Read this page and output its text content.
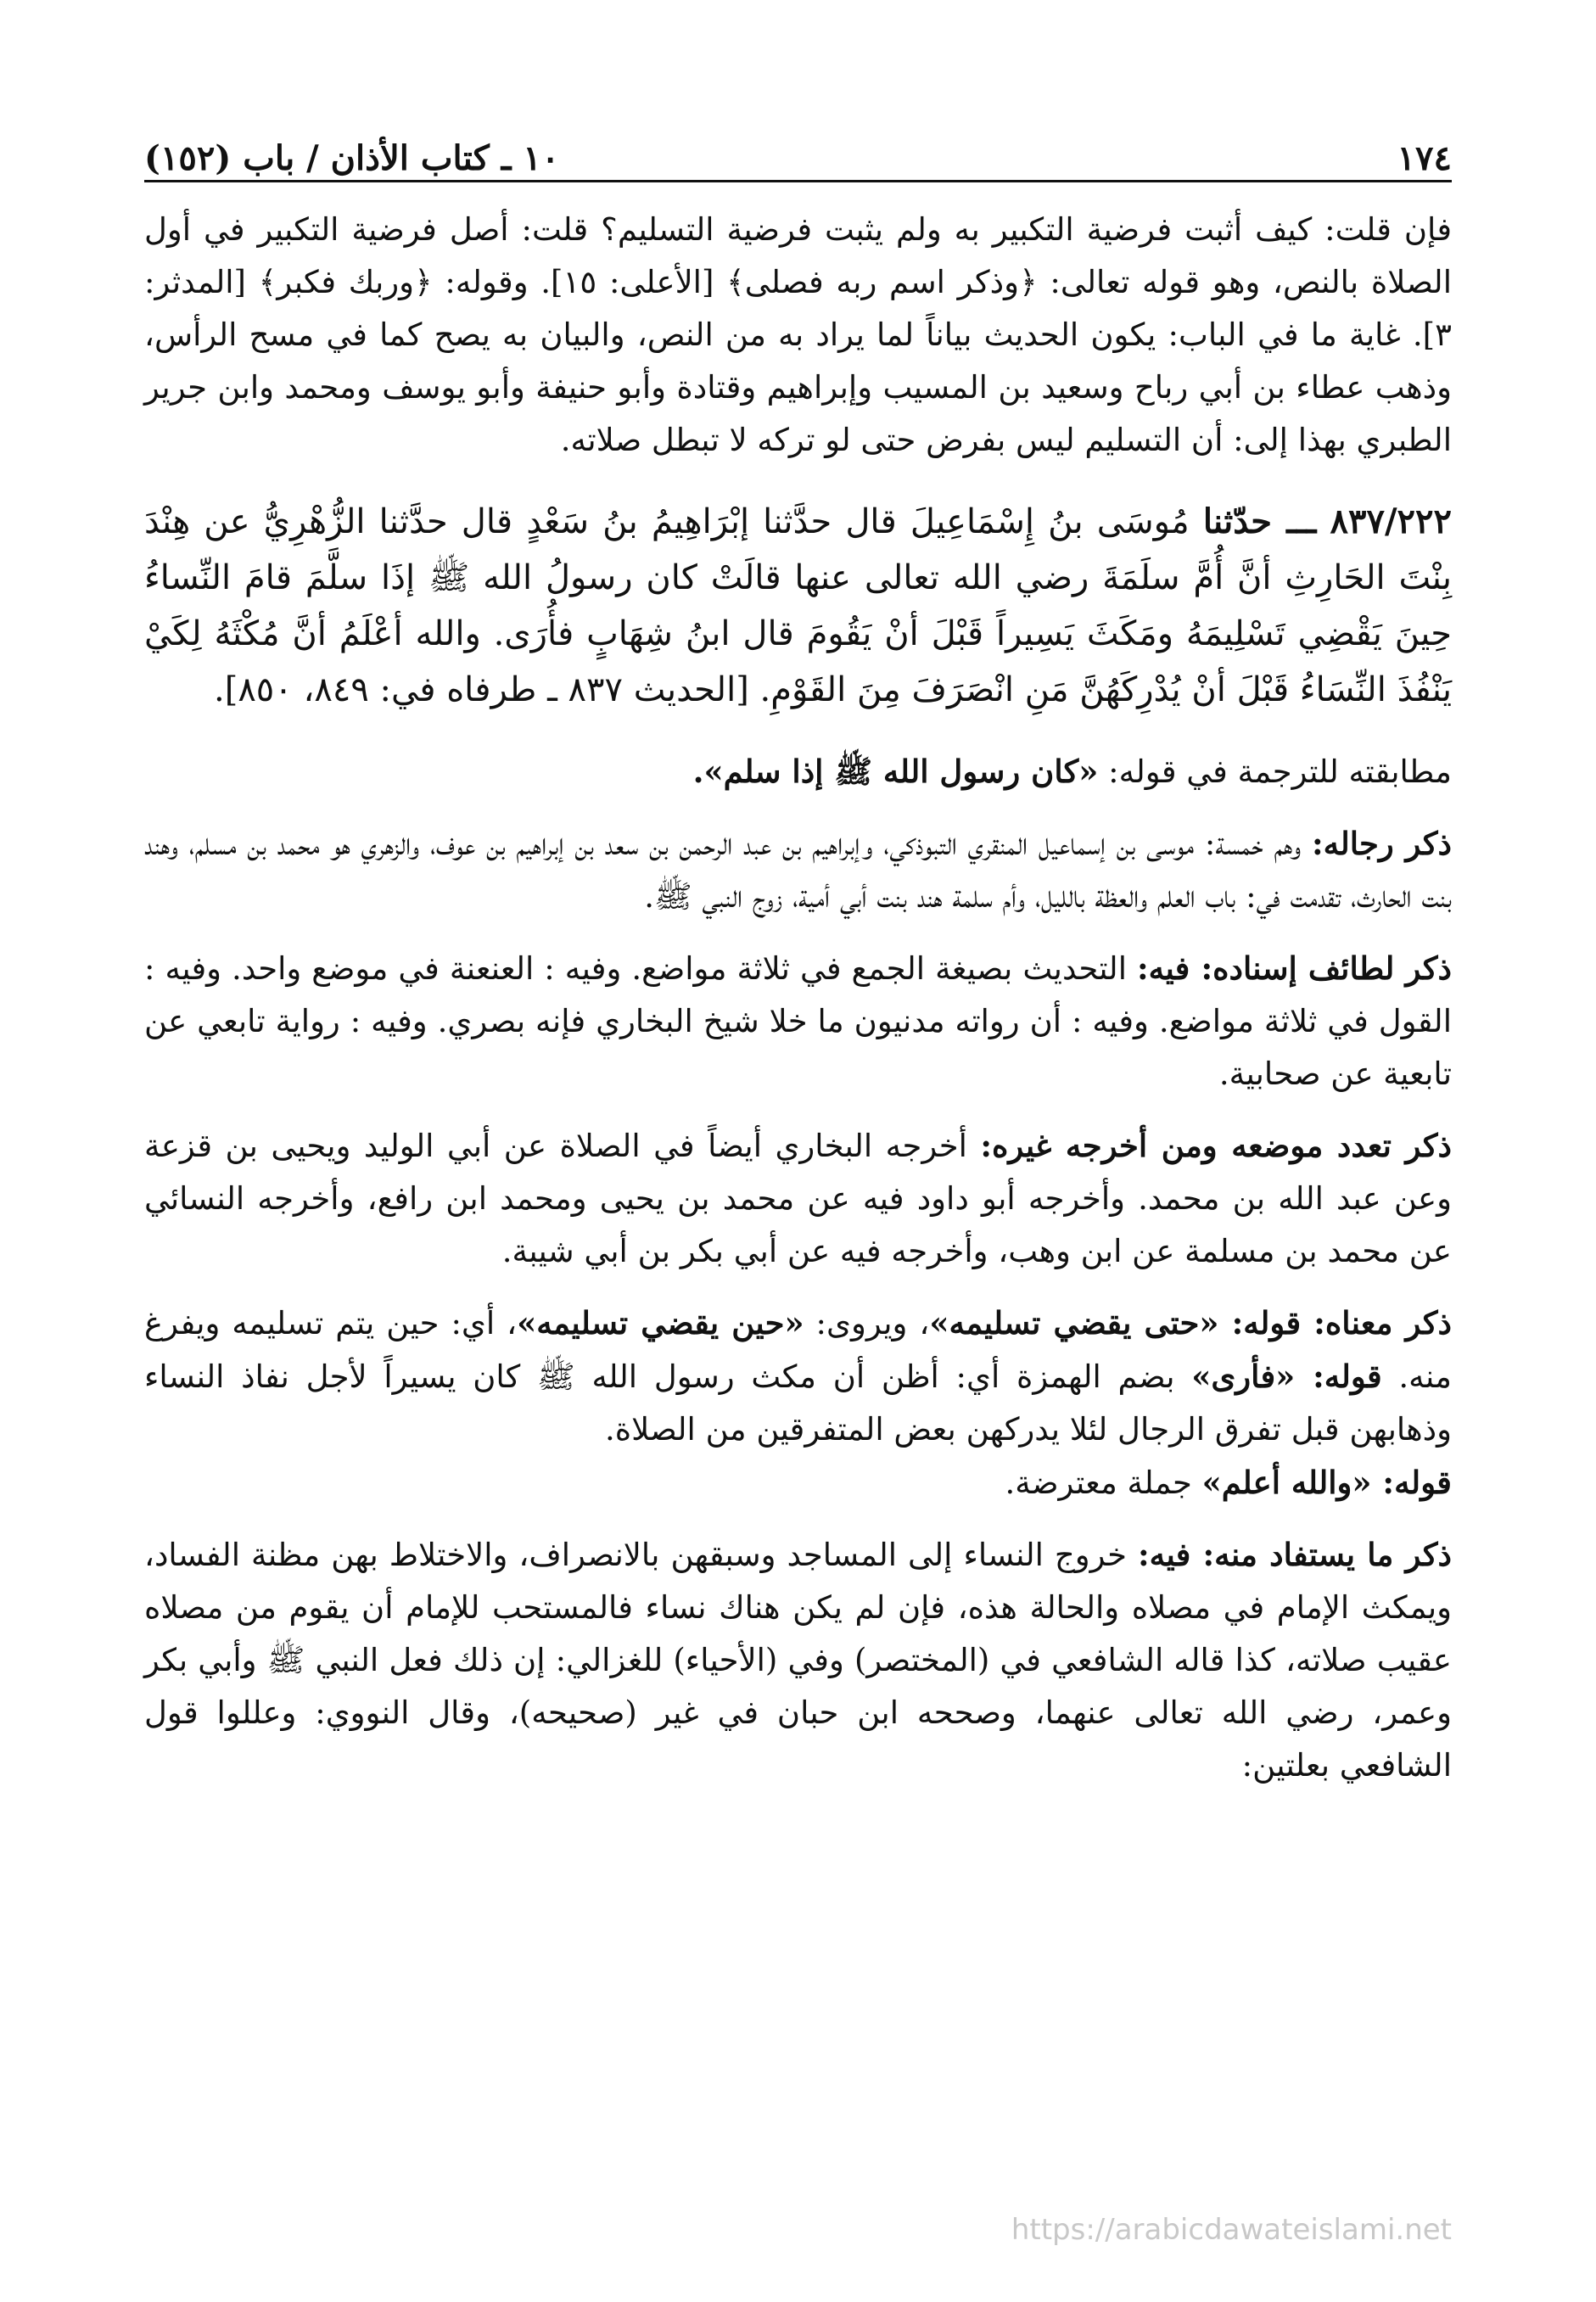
١٧٤
١٠ ـ كتاب الأذان / باب (١٥٢)

فإن قلت: كيف أثبت فرضية التكبير به ولم يثبت فرضية التسليم؟ قلت: أصل فرضية التكبير في أول الصلاة بالنص، وهو قوله تعالى: ﴿وذكر اسم ربه فصلى﴾ [الأعلى: ١٥]. وقوله: ﴿وربك فكبر﴾ [المدثر: ٣]. غاية ما في الباب: يكون الحديث بياناً لما يراد به من النص، والبيان به يصح كما في مسح الرأس، وذهب عطاء بن أبي رباح وسعيد بن المسيب وإبراهيم وقتادة وأبو حنيفة وأبو يوسف ومحمد وابن جرير الطبري بهذا إلى: أن التسليم ليس بفرض حتى لو تركه لا تبطل صلاته.

٨٣٧/٢٢٢ ـــ حدّثنا مُوسَى بنُ إِسْمَاعِيلَ قال حدَّثنا إبْرَاهِيمُ بنُ سَعْدٍ قال حدَّثنا الزُّهْرِيُّ عن هِنْدَ بِنْتَ الحَارِثِ أنَّ أُمَّ سلَمَةَ رضي الله تعالى عنها قالَتْ كان رسولُ الله ﷺ إذَا سلَّمَ قامَ النِّساءُ حِينَ يَقْضِي تَسْلِيمَهُ ومَكَثَ يَسِيراً قَبْلَ أنْ يَقُومَ قال ابنُ شِهَابٍ فأُرَى. والله أعْلَمُ أنَّ مُكْثَهُ لِكَيْ يَنْفُذَ النِّسَاءُ قَبْلَ أنْ يُدْرِكَهُنَّ مَنِ انْصَرَفَ مِنَ القَوْمِ. [الحديث ٨٣٧ ـ طرفاه في: ٨٤٩، ٨٥٠].

مطابقته للترجمة في قوله: «كان رسول الله ﷺ إذا سلم».

ذكر رجاله: وهم خمسة: موسى بن إسماعيل المنقري التبوذكي، وإبراهيم بن عبد الرحمن بن سعد بن إبراهيم بن عوف، والزهري هو محمد بن مسلم، وهند بنت الحارث، تقدمت في: باب العلم والعظة بالليل، وأم سلمة هند بنت أبي أمية، زوج النبي ﷺ.

ذكر لطائف إسناده: فيه: التحديث بصيغة الجمع في ثلاثة مواضع. وفيه : العنعنة في موضع واحد. وفيه : القول في ثلاثة مواضع. وفيه : أن رواته مدنيون ما خلا شيخ البخاري فإنه بصري. وفيه : رواية تابعي عن تابعية عن صحابية.

ذكر تعدد موضعه ومن أخرجه غيره: أخرجه البخاري أيضاً في الصلاة عن أبي الوليد ويحيى بن قزعة وعن عبد الله بن محمد. وأخرجه أبو داود فيه عن محمد بن يحيى ومحمد ابن رافع، وأخرجه النسائي عن محمد بن مسلمة عن ابن وهب، وأخرجه فيه عن أبي بكر بن أبي شيبة.

ذكر معناه: قوله: «حتى يقضي تسليمه»، ويروى: «حين يقضي تسليمه»، أي: حين يتم تسليمه ويفرغ منه. قوله: «فأرى» بضم الهمزة أي: أظن أن مكث رسول الله ﷺ كان يسيراً لأجل نفاذ النساء وذهابهن قبل تفرق الرجال لئلا يدركهن بعض المتفرقين من الصلاة.

قوله: «والله أعلم» جملة معترضة.

ذكر ما يستفاد منه: فيه: خروج النساء إلى المساجد وسبقهن بالانصراف، والاختلاط بهن مظنة الفساد، ويمكث الإمام في مصلاه والحالة هذه، فإن لم يكن هناك نساء فالمستحب للإمام أن يقوم من مصلاه عقيب صلاته، كذا قاله الشافعي في (المختصر) وفي (الأحياء) للغزالي: إن ذلك فعل النبي ﷺ وأبي بكر وعمر، رضي الله تعالى عنهما، وصححه ابن حبان في غير (صحيحه)، وقال النووي: وعللوا قول الشافعي بعلتين:

https://arabicdawateislami.net
